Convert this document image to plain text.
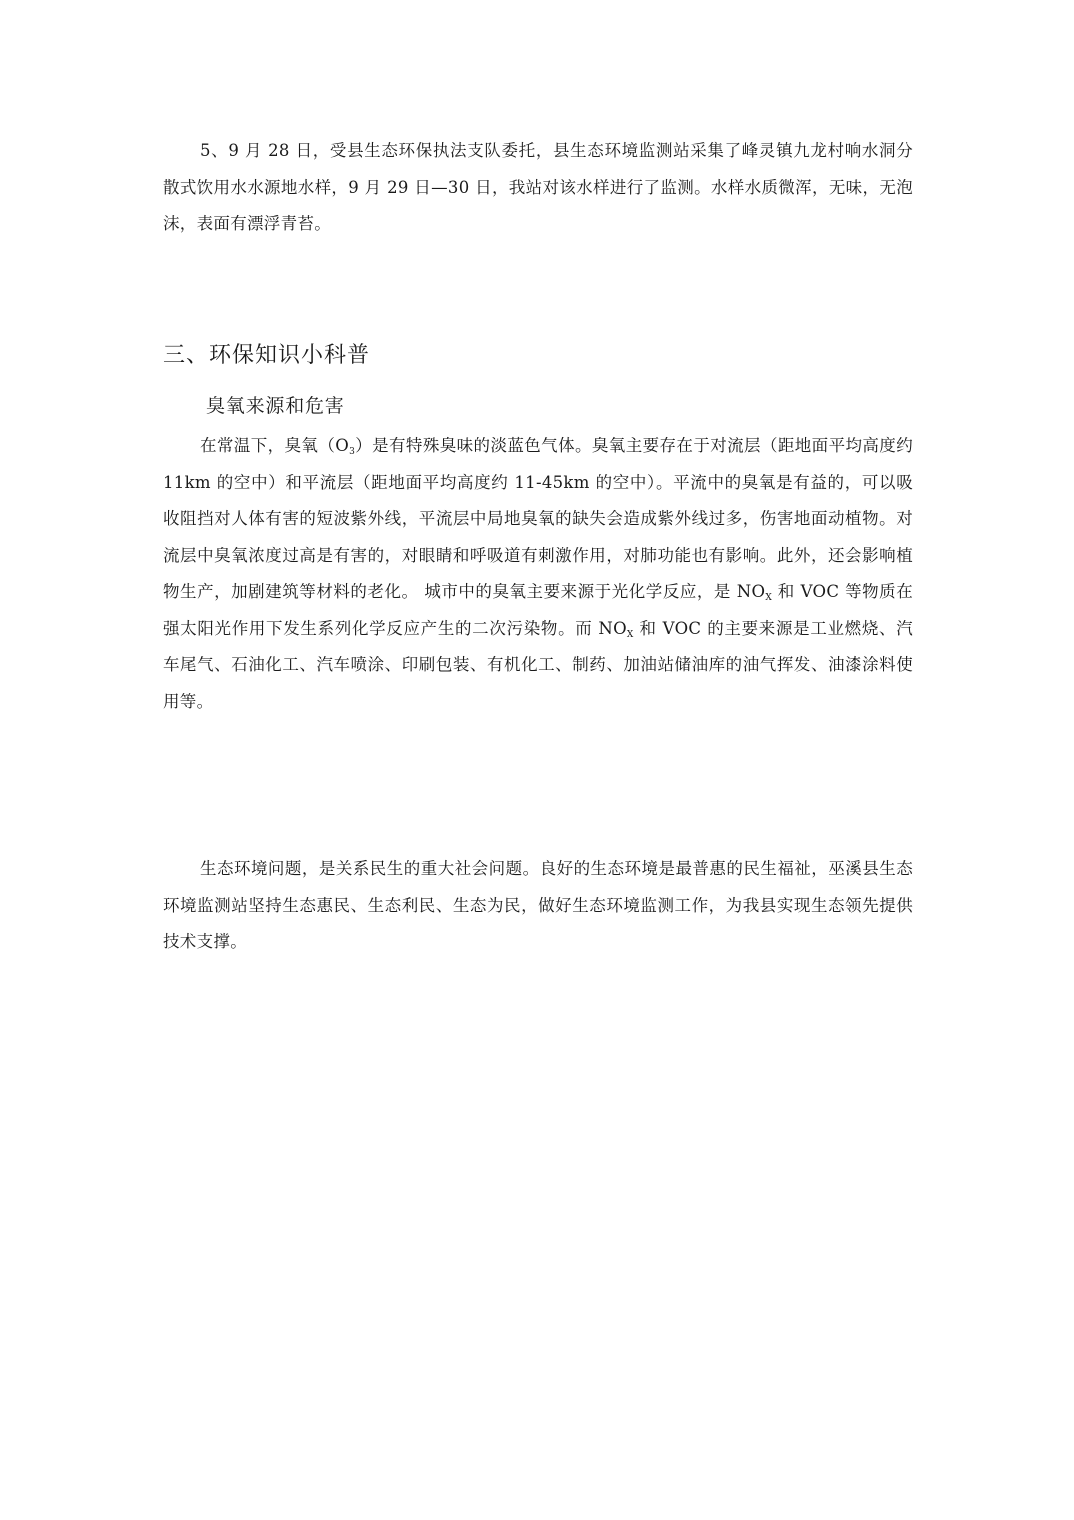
5、9 月 28 日，受县生态环保执法支队委托，县生态环境监测站采集了峰灵镇九龙村响水洞分散式饮用水水源地水样，9 月 29 日—30 日，我站对该水样进行了监测。水样水质微浑，无味，无泡沫，表面有漂浮青苔。

三、环保知识小科普
臭氧来源和危害

在常温下，臭氧$(O_3)$是有特殊臭味的淡蓝色气体。臭氧主要存在于对流层（距地面平均高度约 11km 的空中）和平流层（距地面平均高度约 11-45km 的空中）。平流中的臭氧是有益的，可以吸收阻挡对人体有害的短波紫外线，平流层中局地臭氧的缺失会造成紫外线过多，伤害地面动植物。对流层中臭氧浓度过高是有害的，对眼睛和呼吸道有刺激作用，对肺功能也有影响。此外，还会影响植物生产，加剧建筑等材料的老化。 城市中的臭氧主要来源于光化学反应，是 $NO_X$ 和 VOC 等物质在强太阳光作用下发生系列化学反应产生的二次污染物。而 $NO_X$ 和 VOC 的主要来源是工业燃烧、汽车尾气、石油化工、汽车喷涂、印刷包装、有机化工、制药、加油站储油库的油气挥发、油漆涂料使用等。

生态环境问题，是关系民生的重大社会问题。良好的生态环境是最普惠的民生福祉，巫溪县生态环境监测站坚持生态惠民、生态利民、生态为民，做好生态环境监测工作，为我县实现生态领先提供技术支撑。
